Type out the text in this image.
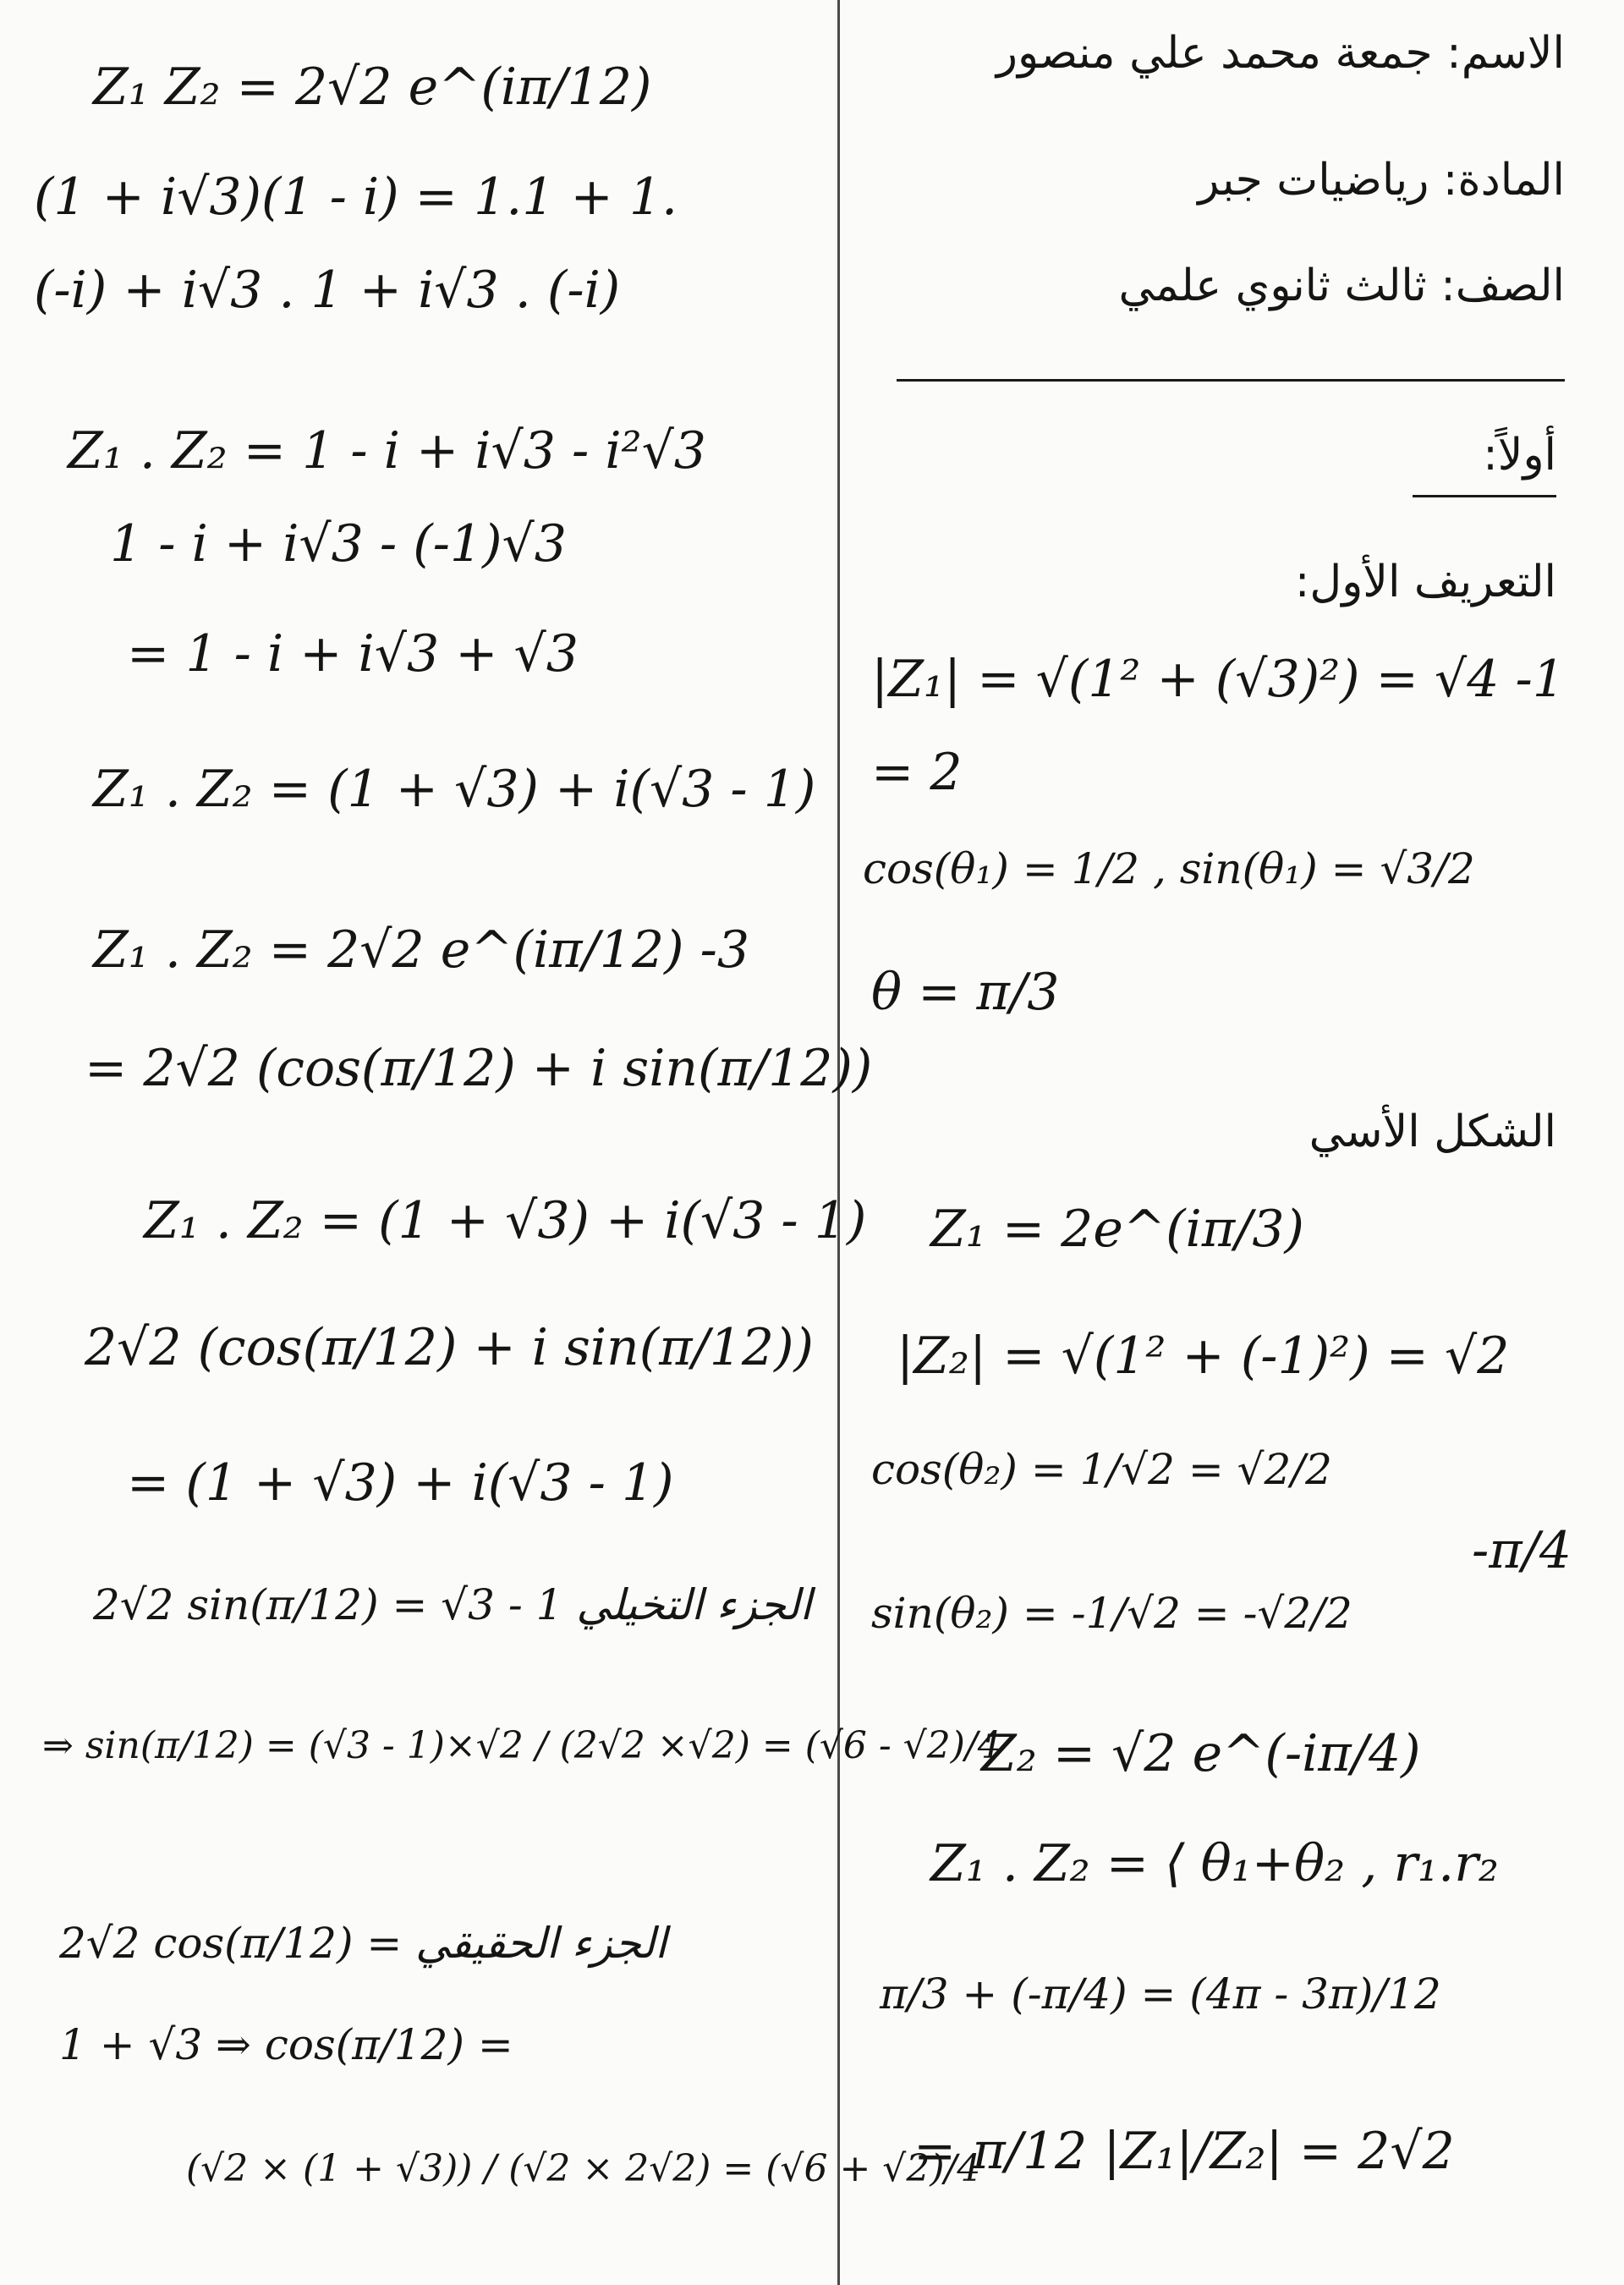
الاسم: جمعة محمد علي منصور
المادة: رياضيات جبر
الصف: ثالث ثانوي علمي
أولاً:
التعريف الأول:
|Z₁| = √(1² + (√3)²) = √4 -1
= 2
cos(θ₁) = 1/2 , sin(θ₁) = √3/2
θ = π/3
الشكل الأسي
Z₁ = 2e^(iπ/3)
|Z₂| = √(1² + (-1)²) = √2
cos(θ₂) = 1/√2 = √2/2
sin(θ₂) = -1/√2 = -√2/2
-π/4
Z₂ = √2 e^(-iπ/4)
Z₁ . Z₂ = ⟨ θ₁+θ₂ , r₁.r₂
π/3 + (-π/4) = (4π - 3π)/12
= π/12 |Z₁|/Z₂| = 2√2
Z₁ Z₂ = 2√2 e^(iπ/12)
(1 + i√3)(1 - i) = 1.1 + 1.
(-i) + i√3 . 1 + i√3 . (-i)
Z₁ . Z₂ = 1 - i + i√3 - i²√3
1 - i + i√3 - (-1)√3
= 1 - i + i√3 + √3
Z₁ . Z₂ = (1 + √3) + i(√3 - 1)
Z₁ . Z₂ = 2√2 e^(iπ/12) -3
= 2√2 (cos(π/12) + i sin(π/12))
Z₁ . Z₂ = (1 + √3) + i(√3 - 1)
2√2 (cos(π/12) + i sin(π/12))
= (1 + √3) + i(√3 - 1)
2√2 sin(π/12) = √3 - 1 الجزء التخيلي
⇒ sin(π/12) = (√3 - 1)×√2 / (2√2 ×√2) = (√6 - √2)/4
2√2 cos(π/12) = الجزء الحقيقي
1 + √3 ⇒ cos(π/12) =
(√2 × (1 + √3)) / (√2 × 2√2) = (√6 + √2)/4
